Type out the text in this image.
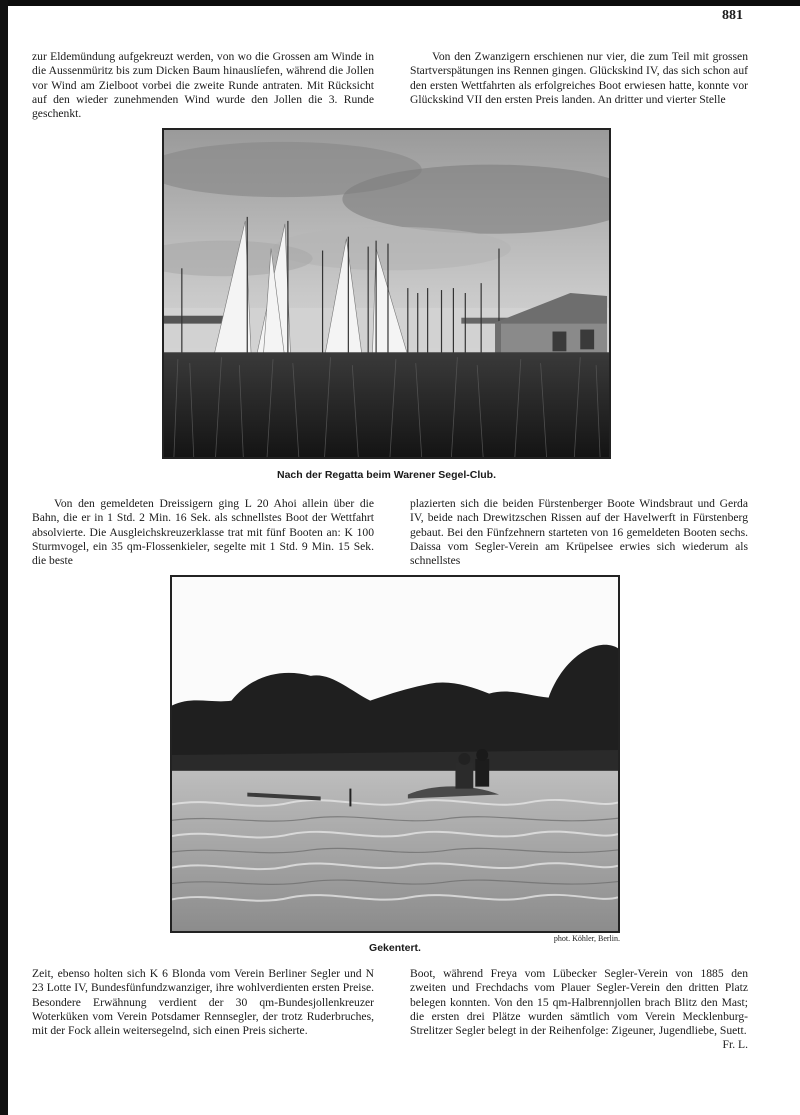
881

zur Eldemündung aufgekreuzt werden, von wo die Grossen am Winde in die Aussenmüritz bis zum Dicken Baum hinauslíefen, während die Jollen vor Wind am Zielboot vorbei die zweite Runde antraten. Mit Rücksicht auf den wieder zunehmenden Wind wurde den Jollen die 3. Runde geschenkt.

Von den Zwanzigern erschienen nur vier, die zum Teil mit grossen Startverspätungen ins Rennen gingen. Glückskind IV, das sich schon auf den ersten Wettfahrten als erfolgreiches Boot erwiesen hatte, konnte vor Glückskind VII den ersten Preis landen. An dritter und vierter Stelle

Nach der Regatta beim Warener Segel-Club.

Von den gemeldeten Dreissigern ging L 20 Ahoi allein über die Bahn, die er in 1 Std. 2 Min. 16 Sek. als schnellstes Boot der Wettfahrt absolvierte. Die Ausgleichskreuzerklasse trat mit fünf Booten an: K 100 Sturmvogel, ein 35 qm-Flossenkieler, segelte mit 1 Std. 9 Min. 15 Sek. die beste

plazierten sich die beiden Fürstenberger Boote Windsbraut und Gerda IV, beide nach Drewitzschen Rissen auf der Havelwerft in Fürstenberg gebaut. Bei den Fünfzehnern starteten von 16 gemeldeten Booten sechs. Daissa vom Segler-Verein am Krüpelsee erwies sich wiederum als schnellstes

phot. Köhler, Berlin.
Gekentert.

Zeit, ebenso holten sich K 6 Blonda vom Verein Berliner Segler und N 23 Lotte IV, Bundesfünfundzwanziger, ihre wohlverdienten ersten Preise. Besondere Erwähnung verdient der 30 qm-Bundesjollenkreuzer Woterküken vom Verein Potsdamer Rennsegler, der trotz Ruderbruches, mit der Fock allein weitersegelnd, sich einen Preis sicherte.

Boot, während Freya vom Lübecker Segler-Verein von 1885 den zweiten und Frechdachs vom Plauer Segler-Verein den dritten Platz belegen konnten. Von den 15 qm-Halbrennjollen brach Blitz den Mast; die ersten drei Plätze wurden sämtlich vom Verein Mecklenburg-Strelitzer Segler belegt in der Reihenfolge: Zigeuner, Jugendliebe, Suett.
Fr. L.
